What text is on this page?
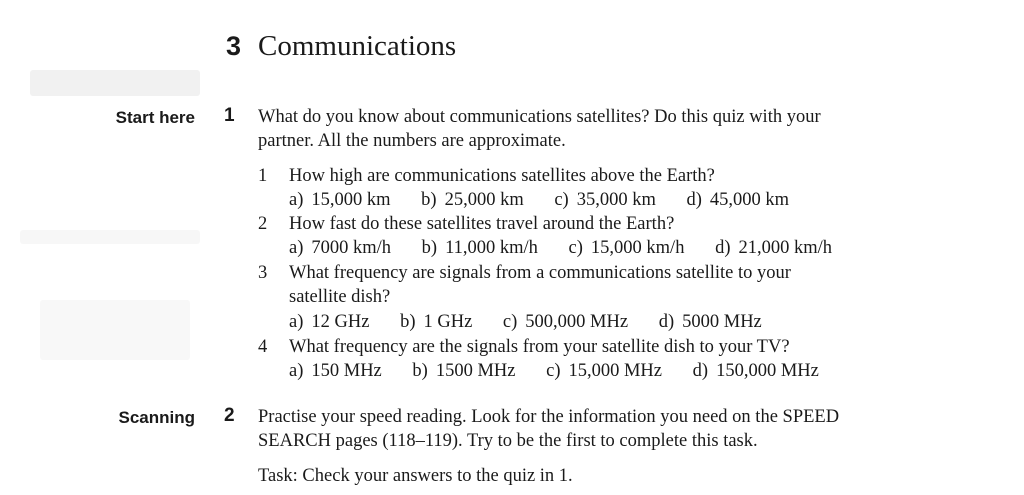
3 Communications
Start here 1 What do you know about communications satellites? Do this quiz with your
partner. All the numbers are approximate.
1 How high are communications satellites above the Earth?
a) 15,000 km b) 25,000 km c) 35,000 km d) 45,000 km
2 How fast do these satellites travel around the Earth?
a) 7000 km/h b) 11,000 km/h c) 15,000 km/h d) 21,000 km/h
3 What frequency are signals from a communications satellite to your
satellite dish?
a) 12 GHz b) 1 GHz c) 500,000 MHz d) 5000 MHz
4 What frequency are the signals from your satellite dish to your TV?
a) 150 MHz b) 1500 MHz c) 15,000 MHz d) 150,000 MHz
Scanning 2 Practise your speed reading. Look for the information you need on the SPEED
SEARCH pages (118–119). Try to be the first to complete this task.
Task: Check your answers to the quiz in 1.
